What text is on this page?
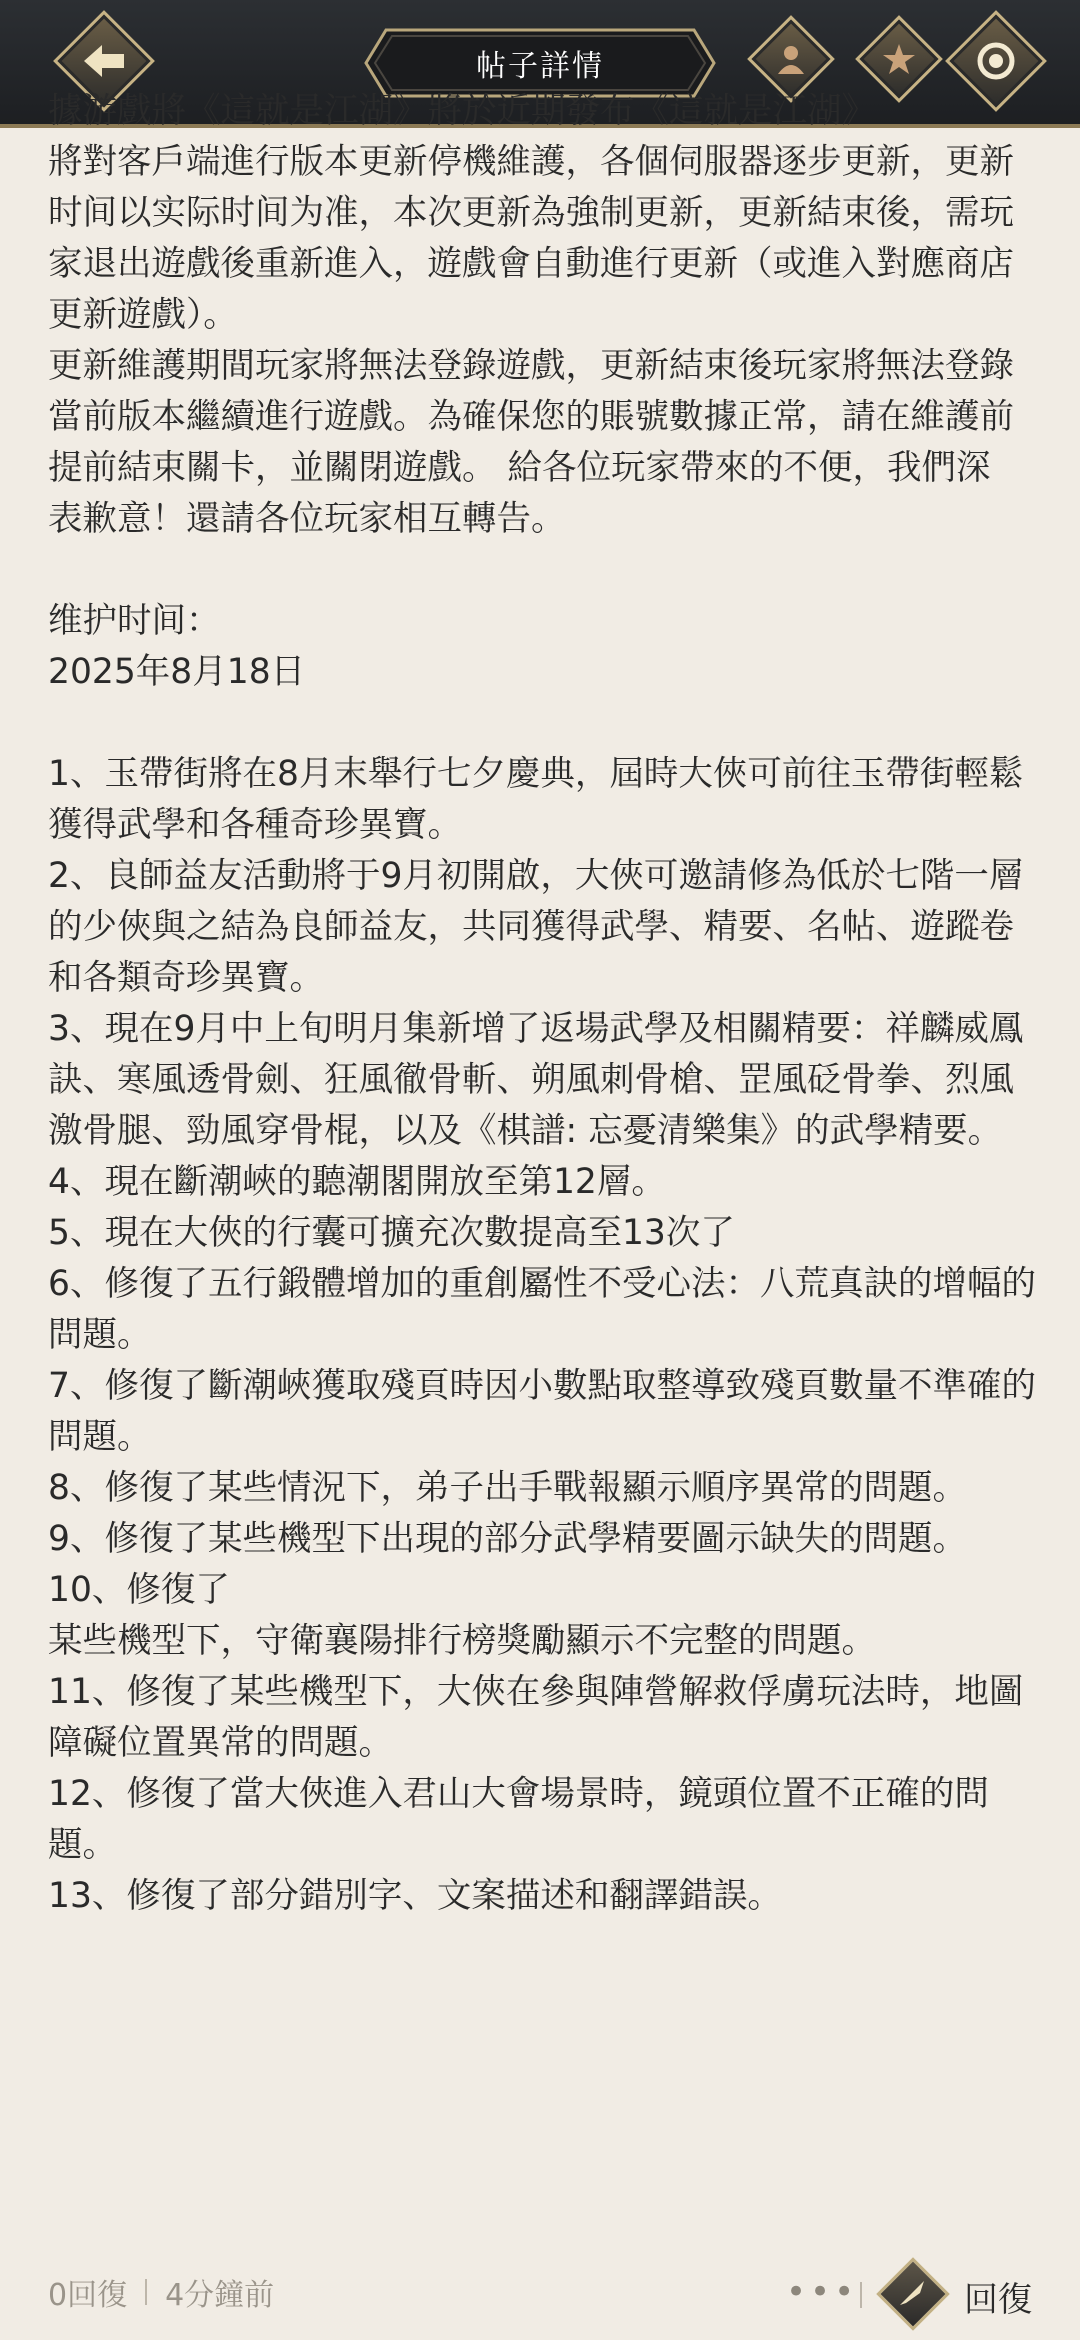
帖子詳情

據游戲將《這就是江湖》將於近期發布《這就是江湖》

將對客戶端進行版本更新停機維護，各個伺服器逐步更新，更新时间以实际时间为准，本次更新為強制更新，更新結束後，需玩家退出遊戲後重新進入，遊戲會自動進行更新（或進入對應商店更新遊戲）。

更新維護期間玩家將無法登錄遊戲，更新結束後玩家將無法登錄當前版本繼續進行遊戲。為確保您的賬號數據正常，請在維護前提前結束關卡，並關閉遊戲。 給各位玩家帶來的不便，我們深

表歉意！還請各位玩家相互轉告。

维护时间：

2025年8月18日

1、玉帶街將在8月末舉行七夕慶典，屆時大俠可前往玉帶街輕鬆獲得武學和各種奇珍異寶。

2、良師益友活動將于9月初開啟，大俠可邀請修為低於七階一層的少俠與之結為良師益友，共同獲得武學、精要、名帖、遊蹤卷和各類奇珍異寶。

3、現在9月中上旬明月集新增了返場武學及相關精要：祥麟威鳳訣、寒風透骨劍、狂風徹骨斬、朔風刺骨槍、罡風砭骨拳、烈風

激骨腿、勁風穿骨棍，以及《棋譜: 忘憂清樂集》的武學精要。

4、現在斷潮峽的聽潮閣開放至第12層。

5、現在大俠的行囊可擴充次數提高至13次了

6、修復了五行鍛體增加的重創屬性不受心法：八荒真訣的增幅的問題。

7、修復了斷潮峽獲取殘頁時因小數點取整導致殘頁數量不準確的問題。

8、修復了某些情況下，弟子出手戰報顯示順序異常的問題。

9、修復了某些機型下出現的部分武學精要圖示缺失的問題。

10、修復了

某些機型下，守衛襄陽排行榜獎勵顯示不完整的問題。

11、修復了某些機型下，大俠在參與陣營解救俘虜玩法時，地圖障礙位置異常的問題。

12、修復了當大俠進入君山大會場景時，鏡頭位置不正確的問題。

13、修復了部分錯別字、文案描述和翻譯錯誤。

0回復 4分鐘前	•••	回復
